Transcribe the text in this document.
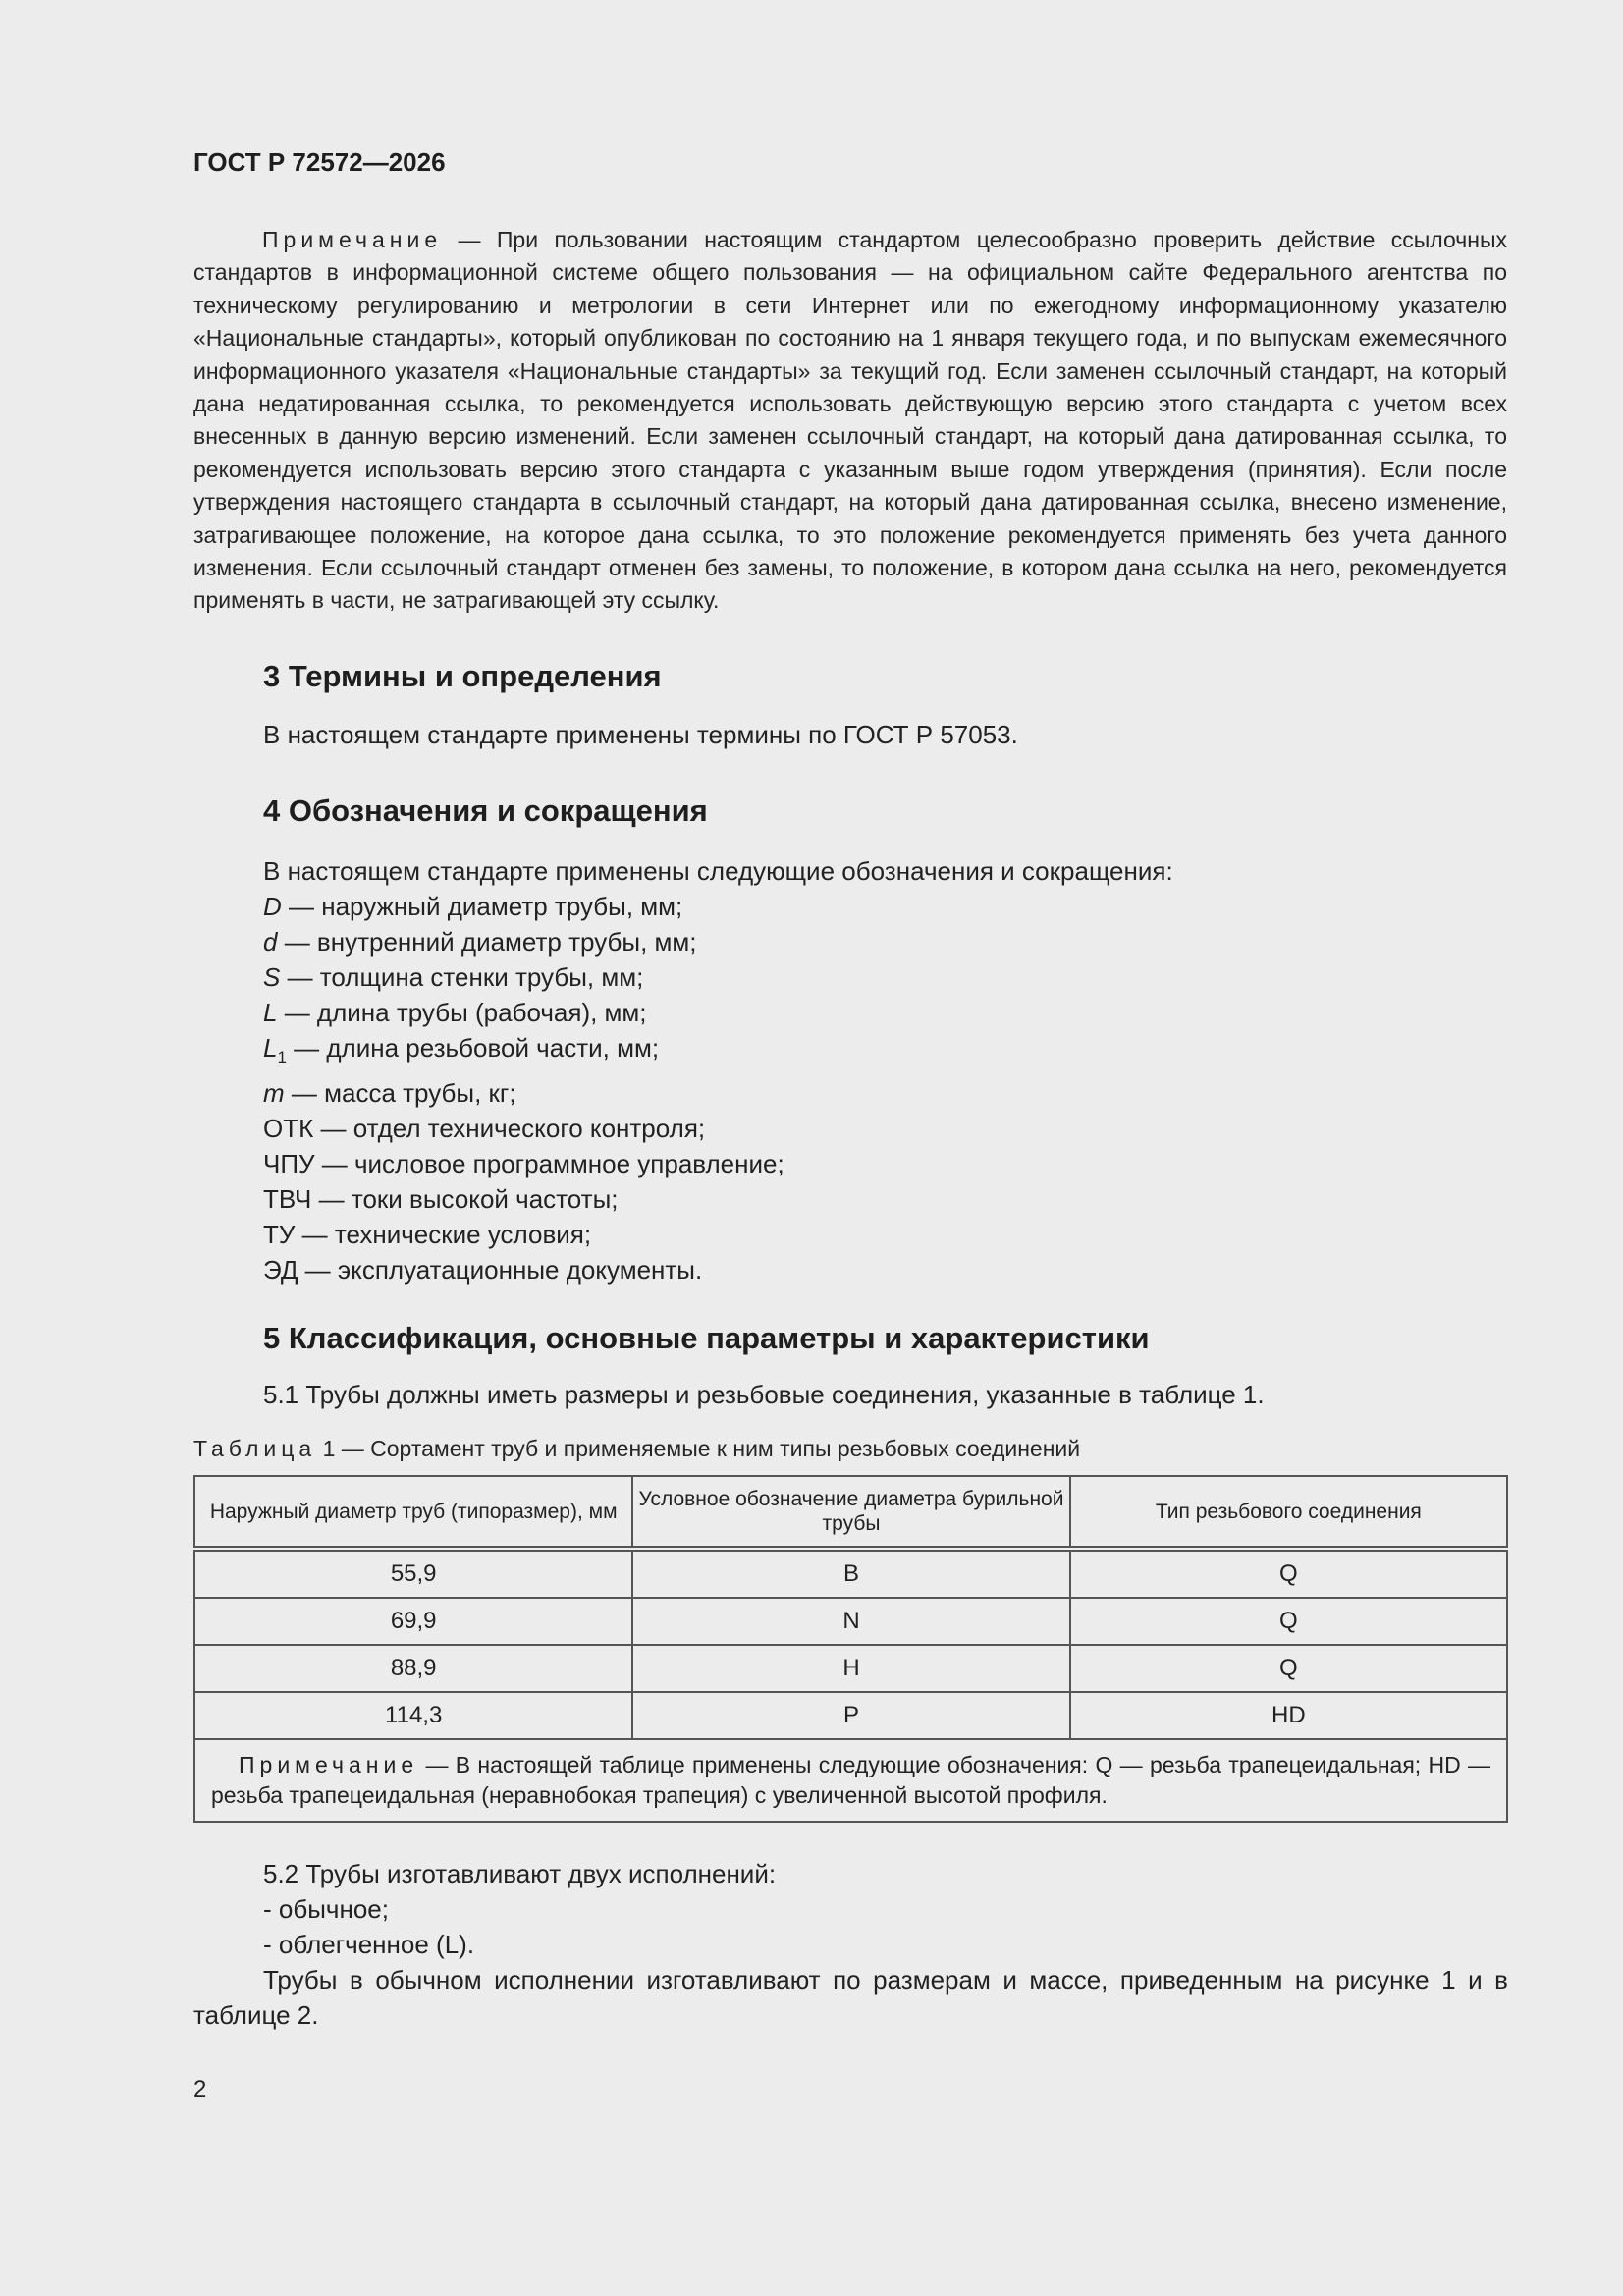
ГОСТ Р 72572—2026

Примечание — При пользовании настоящим стандартом целесообразно проверить действие ссылочных стандартов в информационной системе общего пользования — на официальном сайте Федерального агентства по техническому регулированию и метрологии в сети Интернет или по ежегодному информационному указателю «Национальные стандарты», который опубликован по состоянию на 1 января текущего года, и по выпускам ежемесячного информационного указателя «Национальные стандарты» за текущий год. Если заменен ссылочный стандарт, на который дана недатированная ссылка, то рекомендуется использовать действующую версию этого стандарта с учетом всех внесенных в данную версию изменений. Если заменен ссылочный стандарт, на который дана датированная ссылка, то рекомендуется использовать версию этого стандарта с указанным выше годом утверждения (принятия). Если после утверждения настоящего стандарта в ссылочный стандарт, на который дана датированная ссылка, внесено изменение, затрагивающее положение, на которое дана ссылка, то это положение рекомендуется применять без учета данного изменения. Если ссылочный стандарт отменен без замены, то положение, в котором дана ссылка на него, рекомендуется применять в части, не затрагивающей эту ссылку.

3 Термины и определения
В настоящем стандарте применены термины по ГОСТ Р 57053.
4 Обозначения и сокращения
В настоящем стандарте применены следующие обозначения и сокращения:
D — наружный диаметр трубы, мм;
d — внутренний диаметр трубы, мм;
S — толщина стенки трубы, мм;
L — длина трубы (рабочая), мм;
$L_1$ — длина резьбовой части, мм;
m — масса трубы, кг;
ОТК — отдел технического контроля;
ЧПУ — числовое программное управление;
ТВЧ — токи высокой частоты;
ТУ — технические условия;
ЭД — эксплуатационные документы.
5 Классификация, основные параметры и характеристики
5.1 Трубы должны иметь размеры и резьбовые соединения, указанные в таблице 1.
Таблица 1 — Сортамент труб и применяемые к ним типы резьбовых соединений
Наружный диаметр труб (типоразмер), мм	Условное обозначение диаметра бурильной трубы	Тип резьбового соединения
55,9	B	Q
69,9	N	Q
88,9	H	Q
114,3	P	HD
Примечание — В настоящей таблице применены следующие обозначения: Q — резьба трапецеидальная; HD — резьба трапецеидальная (неравнобокая трапеция) с увеличенной высотой профиля.		
5.2 Трубы изготавливают двух исполнений:
- обычное;
- облегченное (L).

Трубы в обычном исполнении изготавливают по размерам и массе, приведенным на рисунке 1 и в таблице 2.

2
